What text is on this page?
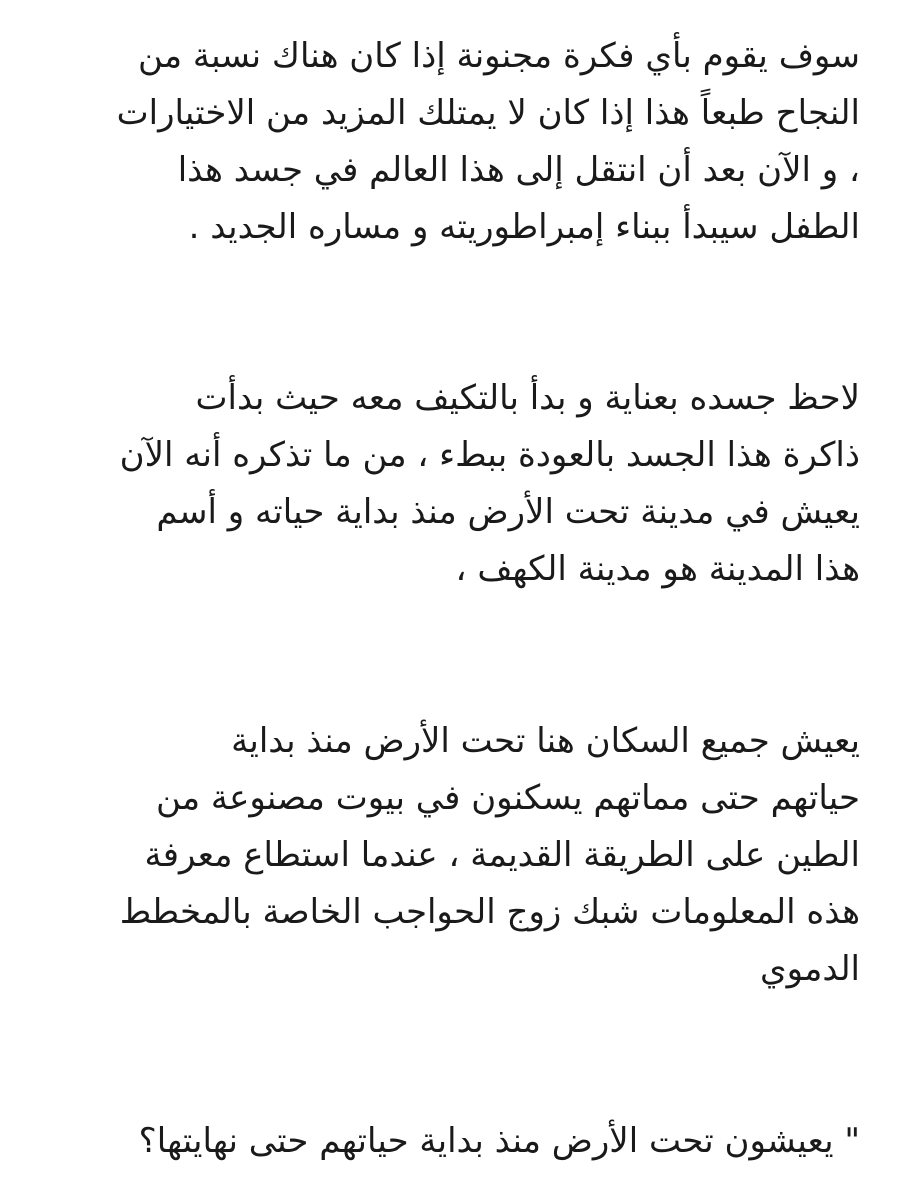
سوف يقوم بأي فكرة مجنونة إذا كان هناك نسبة من
النجاح طبعاً هذا إذا كان لا يمتلك المزيد من الاختيارات
، و الآن بعد أن انتقل إلى هذا العالم في جسد هذا
الطفل سيبدأ ببناء إمبراطوريته و مساره الجديد .

لاحظ جسده بعناية و بدأ بالتكيف معه حيث بدأت
ذاكرة هذا الجسد بالعودة ببطء ، من ما تذكره أنه الآن
يعيش في مدينة تحت الأرض منذ بداية حياته و أسم
هذا المدينة هو مدينة الكهف ،

يعيش جميع السكان هنا تحت الأرض منذ بداية
حياتهم حتى مماتهم يسكنون في بيوت مصنوعة من
الطين على الطريقة القديمة ، عندما استطاع معرفة
هذه المعلومات شبك زوج الحواجب الخاصة بالمخطط
الدموي

" يعيشون تحت الأرض منذ بداية حياتهم حتى نهايتها؟
